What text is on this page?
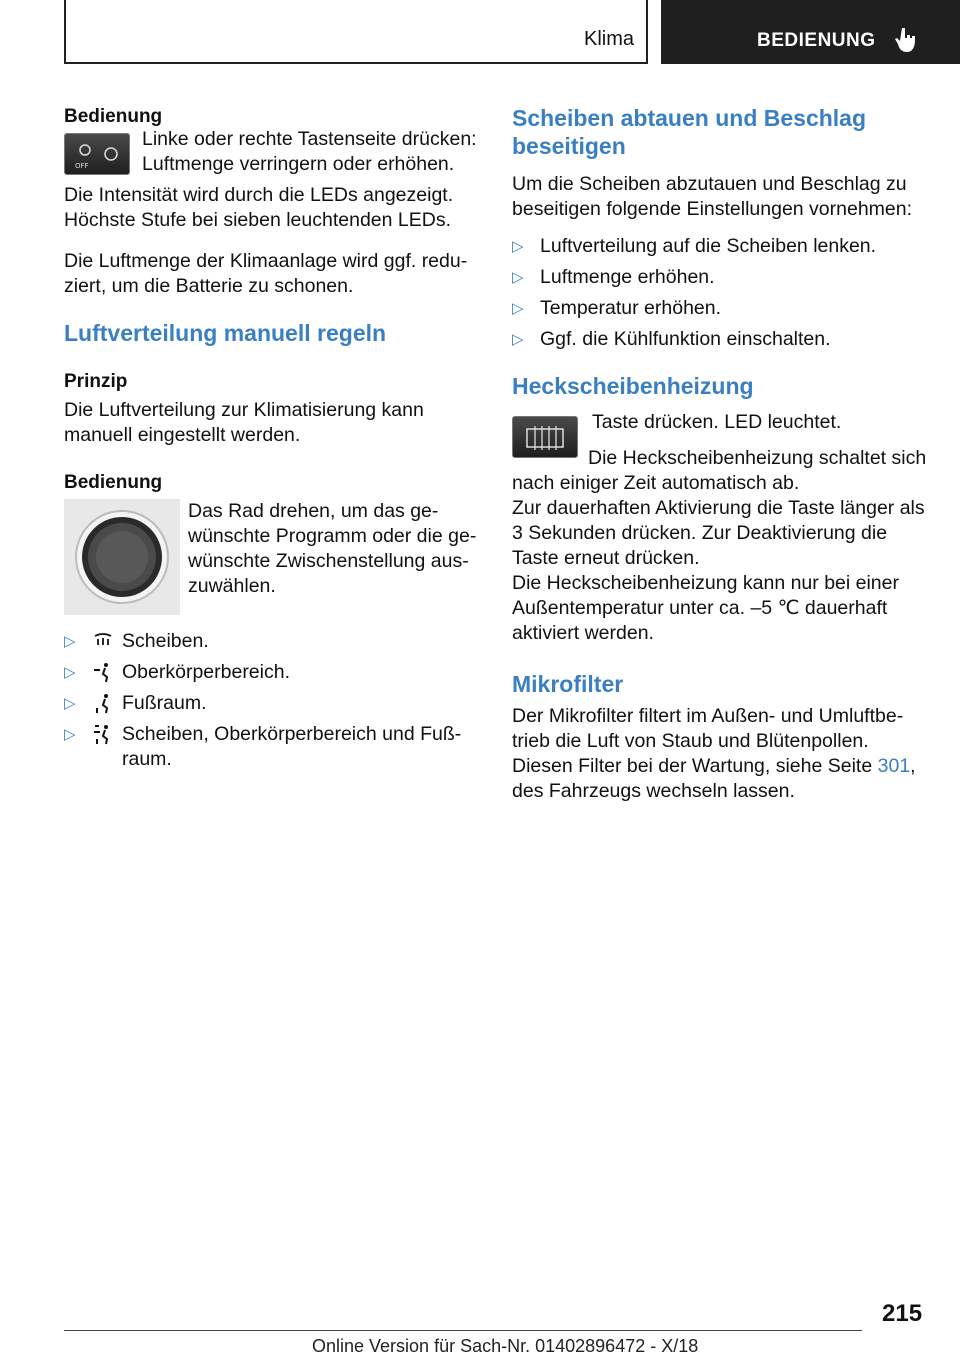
Klima	BEDIENUNG

Bedienung

OFF

Linke oder rechte Tastenseite drücken: Luftmenge verringern oder erhöhen.

Die Intensität wird durch die LEDs angezeigt. Höchste Stufe bei sieben leuchtenden LEDs.

Die Luftmenge der Klimaanlage wird ggf. reduziert, um die Batterie zu schonen.

Luftverteilung manuell regeln

Prinzip

Die Luftverteilung zur Klimatisierung kann manuell eingestellt werden.

Bedienung

Das Rad drehen, um das gewünschte Programm oder die gewünschte Zwischenstellung auszuwählen.

▷	Scheiben.
▷	Oberkörperbereich.
▷	Fußraum.
▷	Scheiben, Oberkörperbereich und Fußraum.

Scheiben abtauen und Beschlag beseitigen

Um die Scheiben abzutauen und Beschlag zu beseitigen folgende Einstellungen vornehmen:

▷ Luftverteilung auf die Scheiben lenken.
▷ Luftmenge erhöhen.
▷ Temperatur erhöhen.
▷ Ggf. die Kühlfunktion einschalten.

Heckscheibenheizung

Taste drücken. LED leuchtet.

Die Heckscheibenheizung schaltet sich nach einiger Zeit automatisch ab.

Zur dauerhaften Aktivierung die Taste länger als 3 Sekunden drücken. Zur Deaktivierung die Taste erneut drücken.

Die Heckscheibenheizung kann nur bei einer Außentemperatur unter ca. –5 ℃ dauerhaft aktiviert werden.

Mikrofilter

Der Mikrofilter filtert im Außen- und Umluftbetrieb die Luft von Staub und Blütenpollen.

Diesen Filter bei der Wartung, siehe Seite 301, des Fahrzeugs wechseln lassen.

215
Online Version für Sach-Nr. 01402896472 - X/18
